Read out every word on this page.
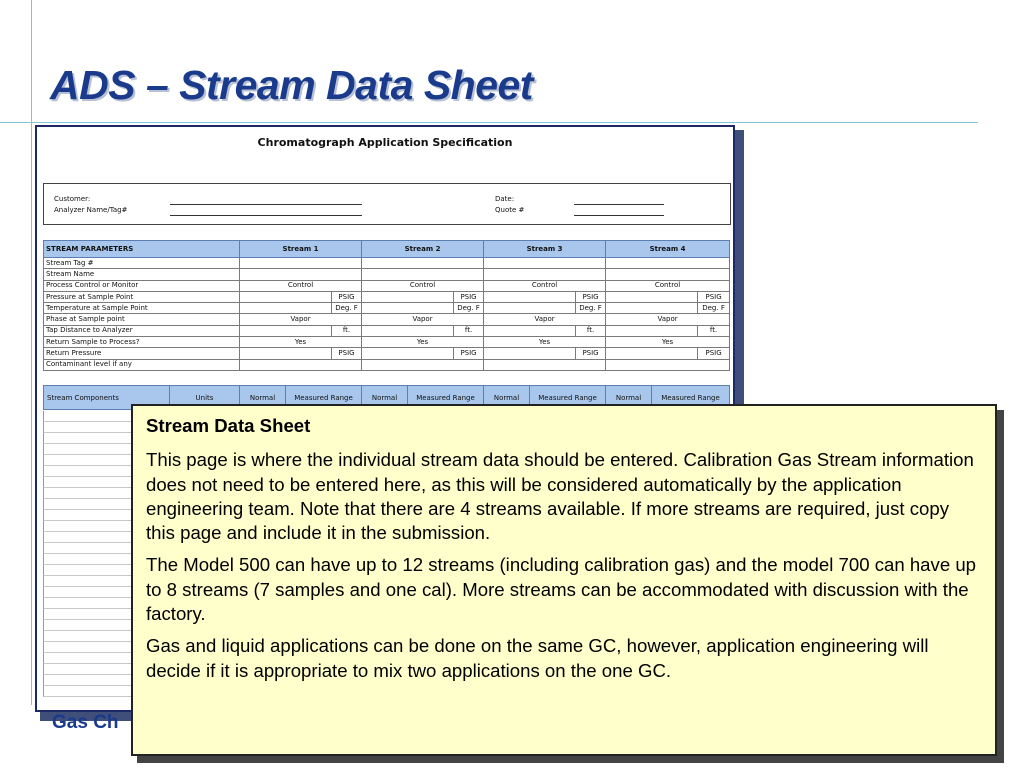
ADS – Stream Data Sheet
Chromatograph Application Specification
Customer:
Analyzer Name/Tag#
Date:
Quote #
STREAM PARAMETERS	Stream 1		Stream 2		Stream 3		Stream 4	
Stream Tag #								
Stream Name								
Process Control or Monitor	Control		Control		Control		Control	
Pressure at Sample Point		PSIG		PSIG		PSIG		PSIG
Temperature at Sample Point		Deg. F		Deg. F		Deg. F		Deg. F
Phase at Sample point	Vapor		Vapor		Vapor		Vapor	
Tap Distance to Analyzer		ft.		ft.		ft.		ft.
Return Sample to Process?	Yes		Yes		Yes		Yes	
Return Pressure		PSIG		PSIG		PSIG		PSIG
Contaminant level if any								
Stream Components	Units	Normal	Measured Range	Normal	Measured Range	Normal	Measured Range	Normal	Measured Range
Gas Ch
Stream Data Sheet

This page is where the individual stream data should be entered. Calibration Gas Stream information does not need to be entered here, as this will be considered automatically by the application engineering team. Note that there are 4 streams available. If more streams are required, just copy this page and include it in the submission.

The Model 500 can have up to 12 streams (including calibration gas) and the model 700 can have up to 8 streams (7 samples and one cal). More streams can be accommodated with discussion with the factory.

Gas and liquid applications can be done on the same GC, however, application engineering will decide if it is appropriate to mix two applications on the one GC.
